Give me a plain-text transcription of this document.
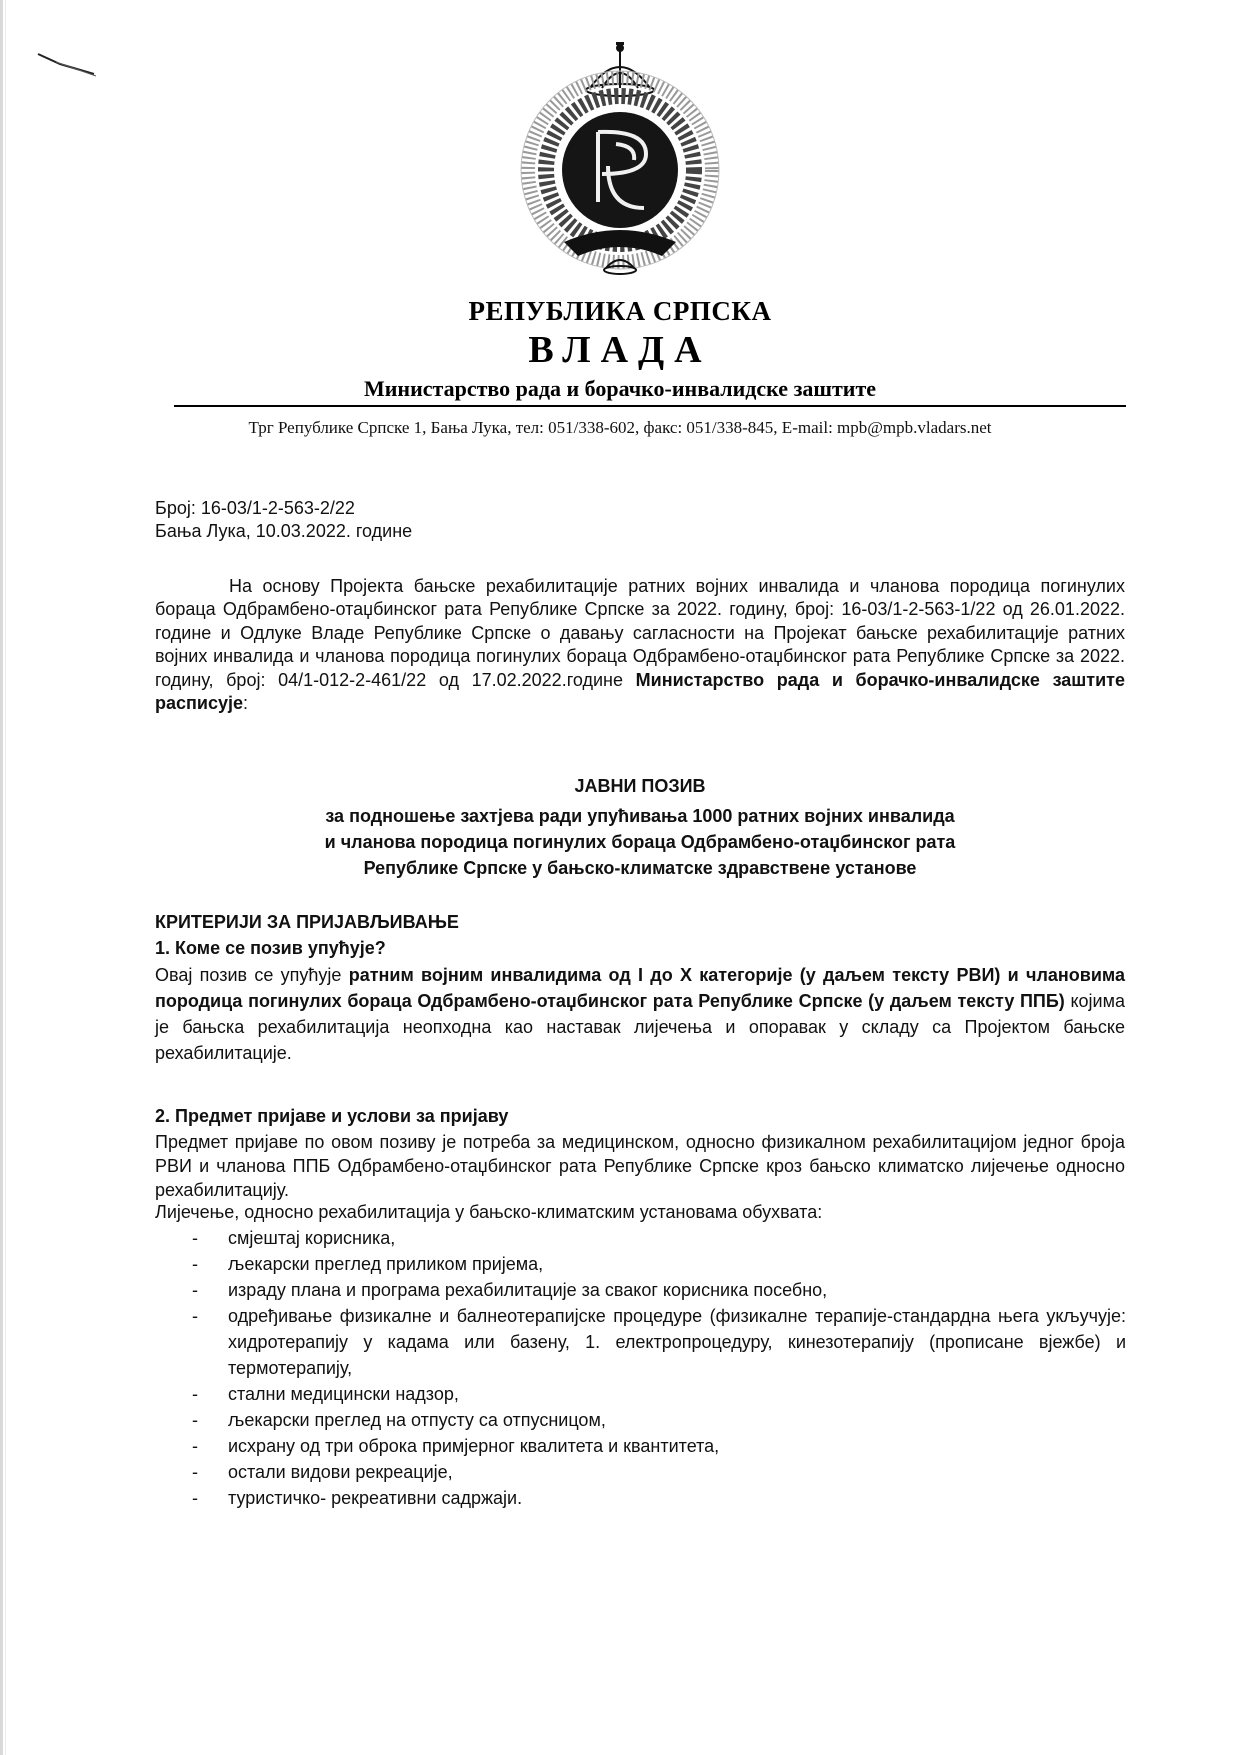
РЕПУБЛИКА СРПСКА
ВЛАДА
Министарство рада и борачко-инвалидске заштите
Трг Републике Српске 1, Бања Лука, тел: 051/338-602, факс: 051/338-845, E-mail: mpb@mpb.vladars.net
Број: 16-03/1-2-563-2/22
Бања Лука, 10.03.2022. године

На основу Пројекта бањске рехабилитације ратних војних инвалида и чланова породица погинулих бораца Одбрамбено-отаџбинског рата Републике Српске за 2022. годину, број: 16-03/1-2-563-1/22 од 26.01.2022. године и Одлуке Владе Републике Српске о давању сагласности на Пројекат бањске рехабилитације ратних војних инвалида и чланова породица погинулих бораца Одбрамбено-отаџбинског рата Републике Српске за 2022. годину, број: 04/1-012-2-461/22 од 17.02.2022.године Министарство рада и борачко-инвалидске заштите расписује:

ЈАВНИ ПОЗИВ
за подношење захтјева ради упућивања 1000 ратних војних инвалида
и чланова породица погинулих бораца Одбрамбено-отаџбинског рата
Републике Српске у бањско-климатске здравствене установе
КРИТЕРИЈИ ЗА ПРИЈАВЉИВАЊЕ
1. Коме се позив упућује?

Овај позив се упућује ратним војним инвалидима од I до X категорије (у даљем тексту РВИ) и члановима породица погинулих бораца Одбрамбено-отаџбинског рата Републике Српске (у даљем тексту ППБ) којима је бањска рехабилитација неопходна као наставак лијечења и опоравак у складу са Пројектом бањске рехабилитације.

2. Предмет пријаве и услови за пријаву

Предмет пријаве по овом позиву је потреба за медицинском, односно физикалном рехабилитацијом једног броја РВИ и чланова ППБ Одбрамбено-отаџбинског рата Републике Српске кроз бањско климатско лијечење односно рехабилитацију.

Лијечење, односно рехабилитација у бањско-климатским установама обухвата:
- смјештај корисника,
- љекарски преглед приликом пријема,
- израду плана и програма рехабилитације за сваког корисника посебно,
- одређивање физикалне и балнеотерапијске процедуре (физикалне терапије-стандардна њега укључује: хидротерапију у кадама или базену, 1. електропроцедуру, кинезотерапију (прописане вјежбе) и термотерапију,
- стални медицински надзор,
- љекарски преглед на отпусту са отпусницом,
- исхрану од три оброка примјерног квалитета и квантитета,
- остали видови рекреације,
- туристичко- рекреативни садржаји.
